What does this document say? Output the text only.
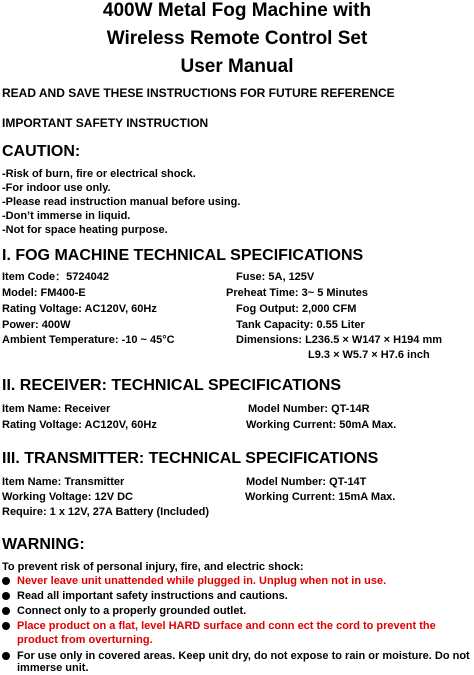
400W Metal Fog Machine with
Wireless Remote Control Set
User Manual
READ AND SAVE THESE INSTRUCTIONS FOR FUTURE REFERENCE
IMPORTANT SAFETY INSTRUCTION
CAUTION:
-Risk of burn, fire or electrical shock.
-For indoor use only.
-Please read instruction manual before using.
-Don’t immerse in liquid.
-Not for space heating purpose.
I. FOG MACHINE TECHNICAL SPECIFICATIONS
Item Code：5724042
Model: FM400-E
Rating Voltage: AC120V, 60Hz
Power: 400W
Ambient Temperature: -10 ~ 45°C
Fuse: 5A, 125V
Preheat Time: 3~ 5 Minutes
Fog Output: 2,000 CFM
Tank Capacity: 0.55 Liter
Dimensions: L236.5 × W147 × H194 mm
L9.3 × W5.7 × H7.6 inch
II. RECEIVER: TECHNICAL SPECIFICATIONS
Item Name: Receiver
Rating Voltage: AC120V, 60Hz
Model Number: QT-14R
Working Current: 50mA Max.
III. TRANSMITTER: TECHNICAL SPECIFICATIONS
Item Name: Transmitter
Working Voltage: 12V DC
Require: 1 x 12V, 27A Battery (Included)
Model Number: QT-14T
Working Current: 15mA Max.
WARNING:
To prevent risk of personal injury, fire, and electric shock:
Never leave unit unattended while plugged in. Unplug when not in use.
Read all important safety instructions and cautions.
Connect only to a properly grounded outlet.
Place product on a flat, level HARD surface and conn ect the cord to prevent the
product from overturning.
For use only in covered areas. Keep unit dry, do not expose to rain or moisture. Do not
immerse unit.
